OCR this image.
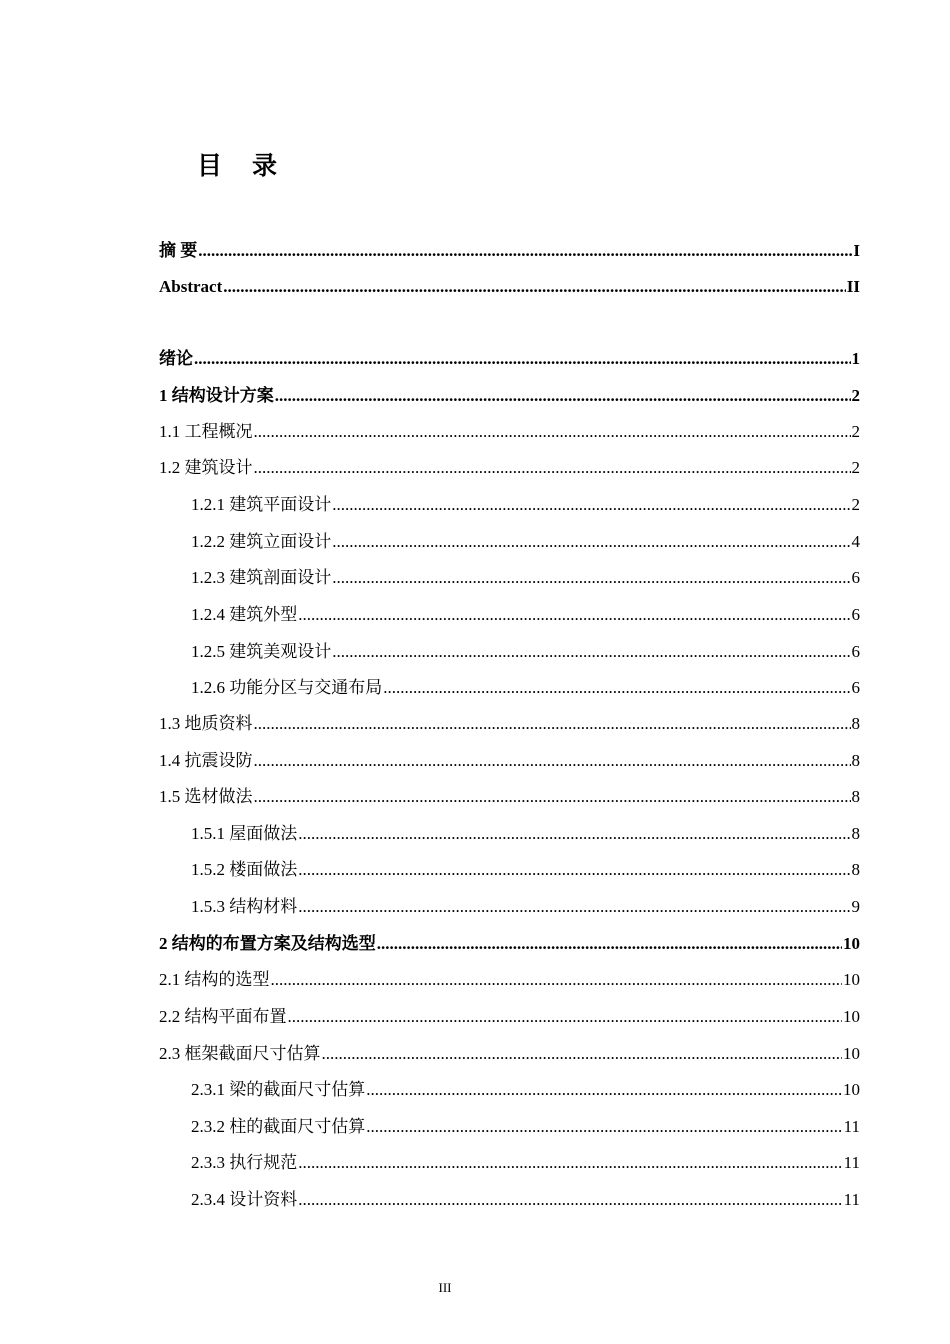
目 录
摘 要 .....	I
Abstract .....	II
绪论 .....	1
1 结构设计方案 .....	2
1.1 工程概况 .....	2
1.2 建筑设计 .....	2
1.2.1 建筑平面设计 .....	2
1.2.2 建筑立面设计 .....	4
1.2.3 建筑剖面设计 .....	6
1.2.4 建筑外型 .....	6
1.2.5 建筑美观设计 .....	6
1.2.6 功能分区与交通布局 .....	6
1.3 地质资料 .....	8
1.4 抗震设防 .....	8
1.5 选材做法 .....	8
1.5.1 屋面做法 .....	8
1.5.2 楼面做法 .....	8
1.5.3 结构材料 .....	9
2 结构的布置方案及结构选型 .....	10
2.1 结构的选型 .....	10
2.2 结构平面布置 .....	10
2.3 框架截面尺寸估算 .....	10
2.3.1 梁的截面尺寸估算 .....	10
2.3.2 柱的截面尺寸估算 .....	11
2.3.3 执行规范 .....	11
2.3.4 设计资料 .....	11
III
